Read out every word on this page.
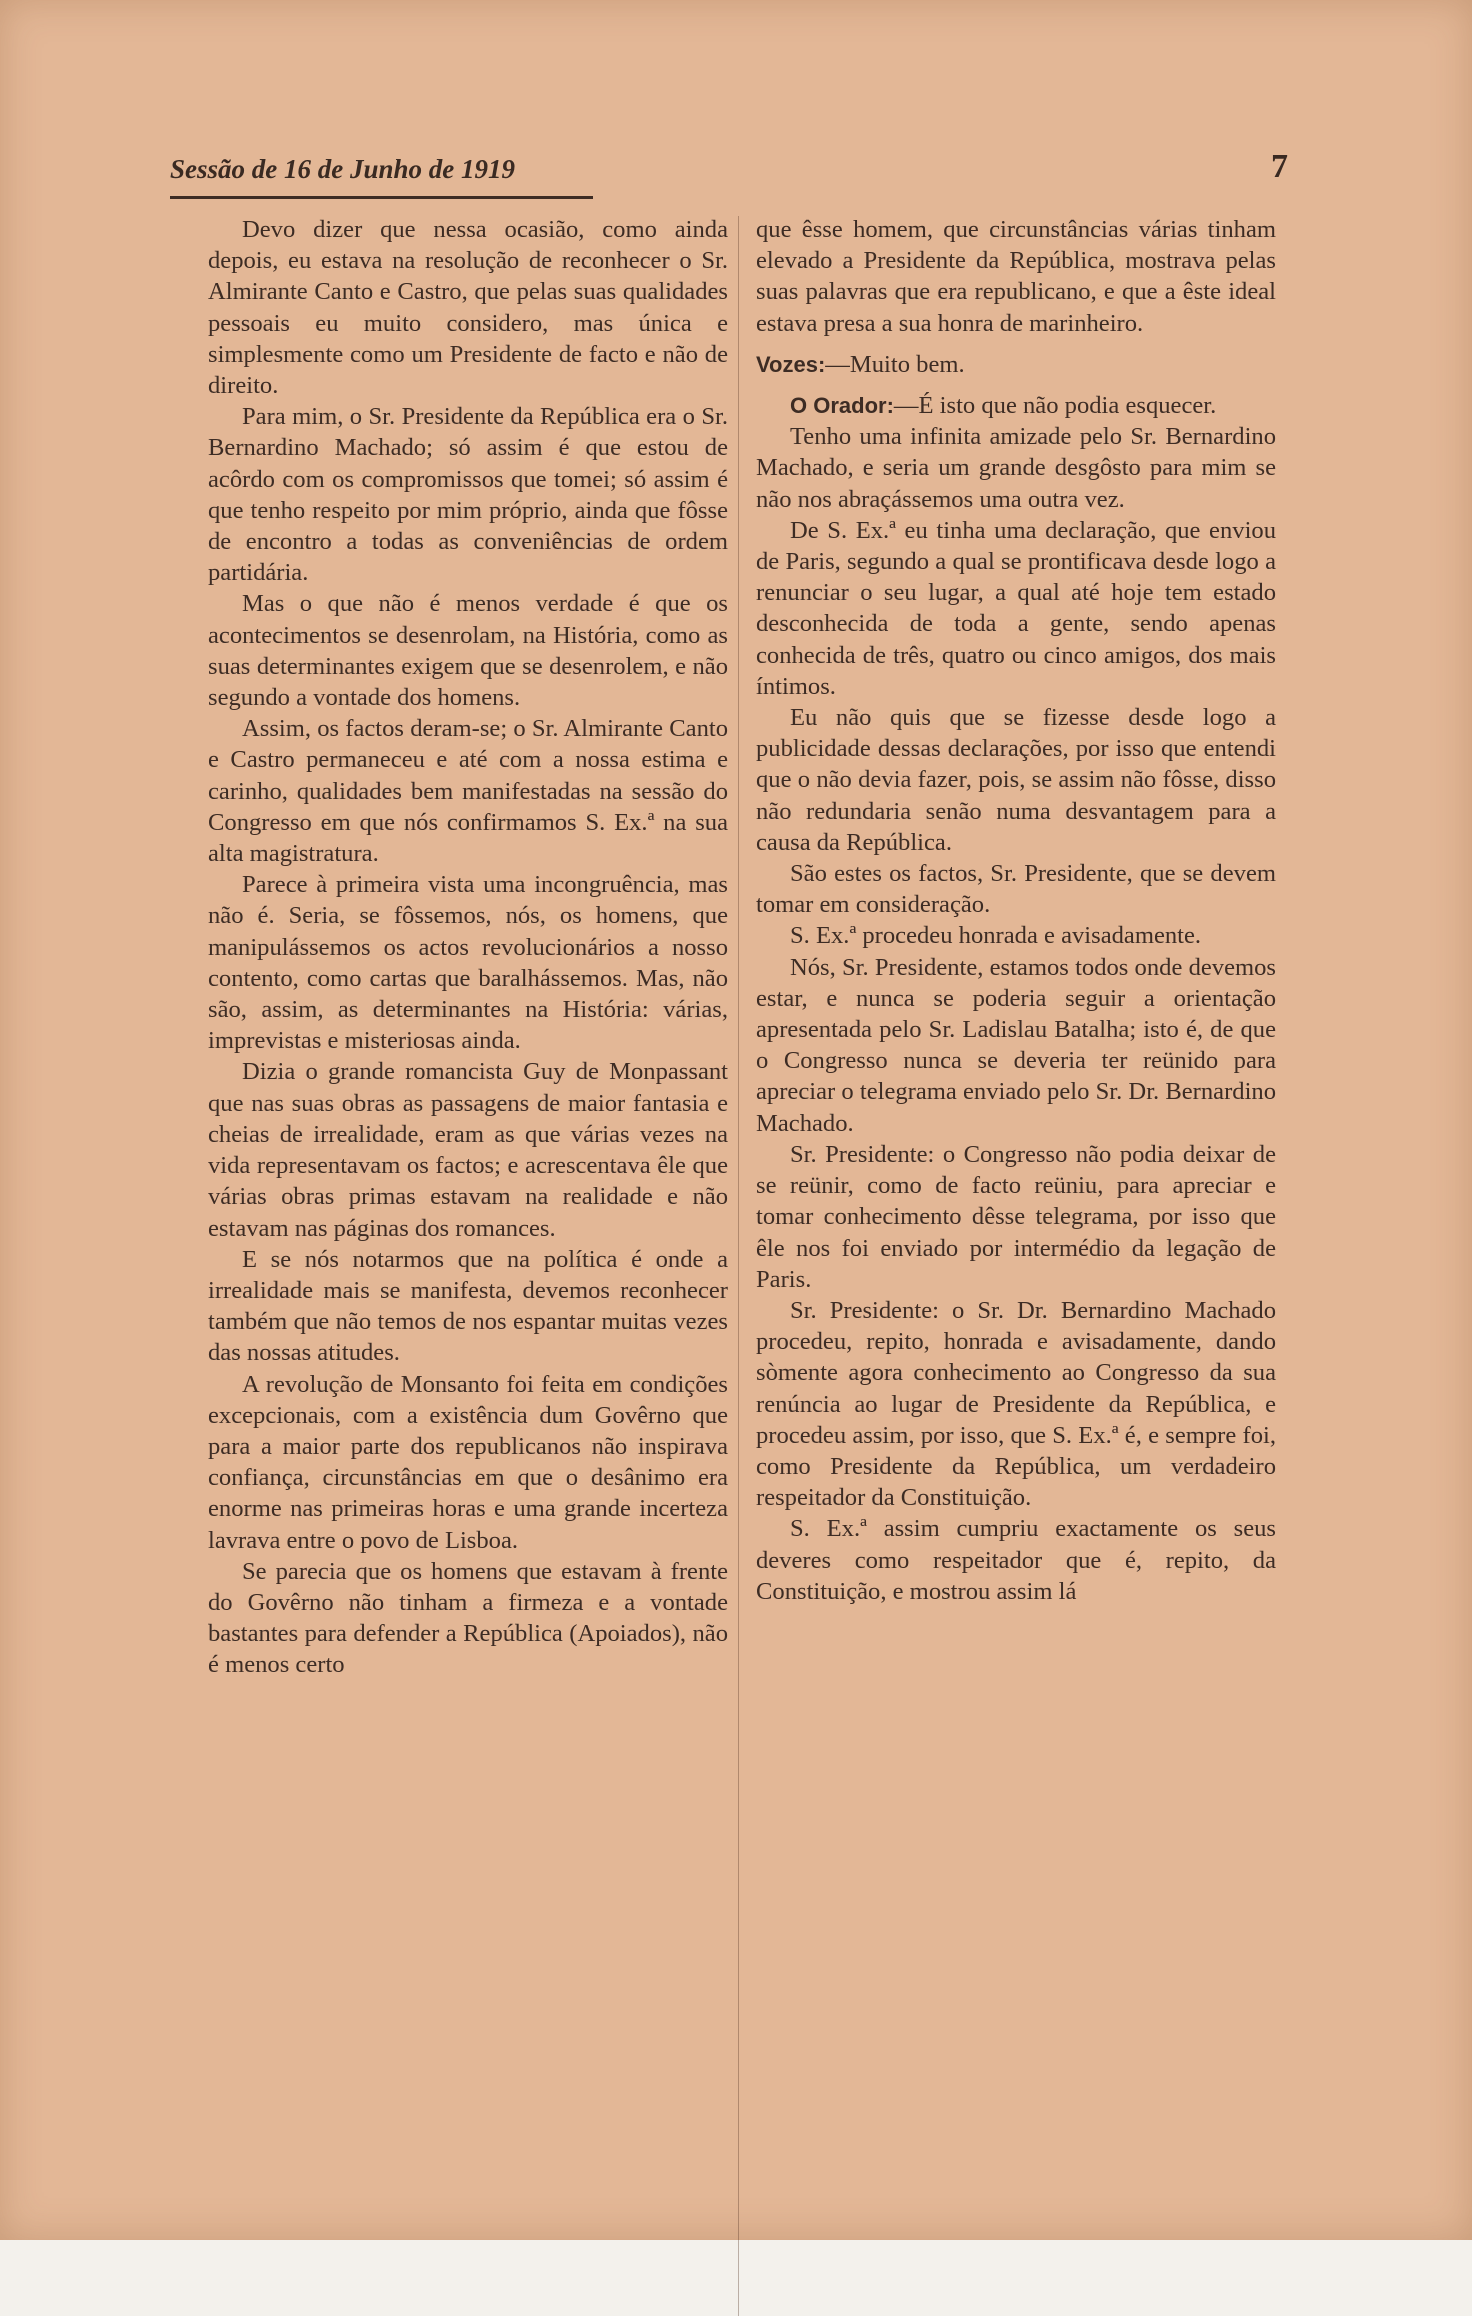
Sessão de 16 de Junho de 1919	7

Devo dizer que nessa ocasião, como ainda depois, eu estava na resolução de reconhecer o Sr. Almirante Canto e Castro, que pelas suas qualidades pessoais eu muito considero, mas única e simplesmente como um Presidente de facto e não de direito.

Para mim, o Sr. Presidente da República era o Sr. Bernardino Machado; só assim é que estou de acôrdo com os compromissos que tomei; só assim é que tenho respeito por mim próprio, ainda que fôsse de encontro a todas as conveniências de ordem partidária.

Mas o que não é menos verdade é que os acontecimentos se desenrolam, na História, como as suas determinantes exigem que se desenrolem, e não segundo a vontade dos homens.

Assim, os factos deram-se; o Sr. Almirante Canto e Castro permaneceu e até com a nossa estima e carinho, qualidades bem manifestadas na sessão do Congresso em que nós confirmamos S. Ex.ª na sua alta magistratura.

Parece à primeira vista uma incongruência, mas não é. Seria, se fôssemos, nós, os homens, que manipulássemos os actos revolucionários a nosso contento, como cartas que baralhássemos. Mas, não são, assim, as determinantes na História: várias, imprevistas e misteriosas ainda.

Dizia o grande romancista Guy de Monpassant que nas suas obras as passagens de maior fantasia e cheias de irrealidade, eram as que várias vezes na vida representavam os factos; e acrescentava êle que várias obras primas estavam na realidade e não estavam nas páginas dos romances.

E se nós notarmos que na política é onde a irrealidade mais se manifesta, devemos reconhecer também que não temos de nos espantar muitas vezes das nossas atitudes.

A revolução de Monsanto foi feita em condições excepcionais, com a existência dum Govêrno que para a maior parte dos republicanos não inspirava confiança, circunstâncias em que o desânimo era enorme nas primeiras horas e uma grande incerteza lavrava entre o povo de Lisboa.

Se parecia que os homens que estavam à frente do Govêrno não tinham a firmeza e a vontade bastantes para defender a República (Apoiados), não é menos certo

que êsse homem, que circunstâncias várias tinham elevado a Presidente da República, mostrava pelas suas palavras que era republicano, e que a êste ideal estava presa a sua honra de marinheiro.

Vozes:—Muito bem.

O Orador:—É isto que não podia esquecer.

Tenho uma infinita amizade pelo Sr. Bernardino Machado, e seria um grande desgôsto para mim se não nos abraçássemos uma outra vez.

De S. Ex.ª eu tinha uma declaração, que enviou de Paris, segundo a qual se prontificava desde logo a renunciar o seu lugar, a qual até hoje tem estado desconhecida de toda a gente, sendo apenas conhecida de três, quatro ou cinco amigos, dos mais íntimos.

Eu não quis que se fizesse desde logo a publicidade dessas declarações, por isso que entendi que o não devia fazer, pois, se assim não fôsse, disso não redundaria senão numa desvantagem para a causa da República.

São estes os factos, Sr. Presidente, que se devem tomar em consideração.

S. Ex.ª procedeu honrada e avisadamente.

Nós, Sr. Presidente, estamos todos onde devemos estar, e nunca se poderia seguir a orientação apresentada pelo Sr. Ladislau Batalha; isto é, de que o Congresso nunca se deveria ter reünido para apreciar o telegrama enviado pelo Sr. Dr. Bernardino Machado.

Sr. Presidente: o Congresso não podia deixar de se reünir, como de facto reüniu, para apreciar e tomar conhecimento dêsse telegrama, por isso que êle nos foi enviado por intermédio da legação de Paris.

Sr. Presidente: o Sr. Dr. Bernardino Machado procedeu, repito, honrada e avisadamente, dando sòmente agora conhecimento ao Congresso da sua renúncia ao lugar de Presidente da República, e procedeu assim, por isso, que S. Ex.ª é, e sempre foi, como Presidente da República, um verdadeiro respeitador da Constituição.

S. Ex.ª assim cumpriu exactamente os seus deveres como respeitador que é, repito, da Constituição, e mostrou assim lá
